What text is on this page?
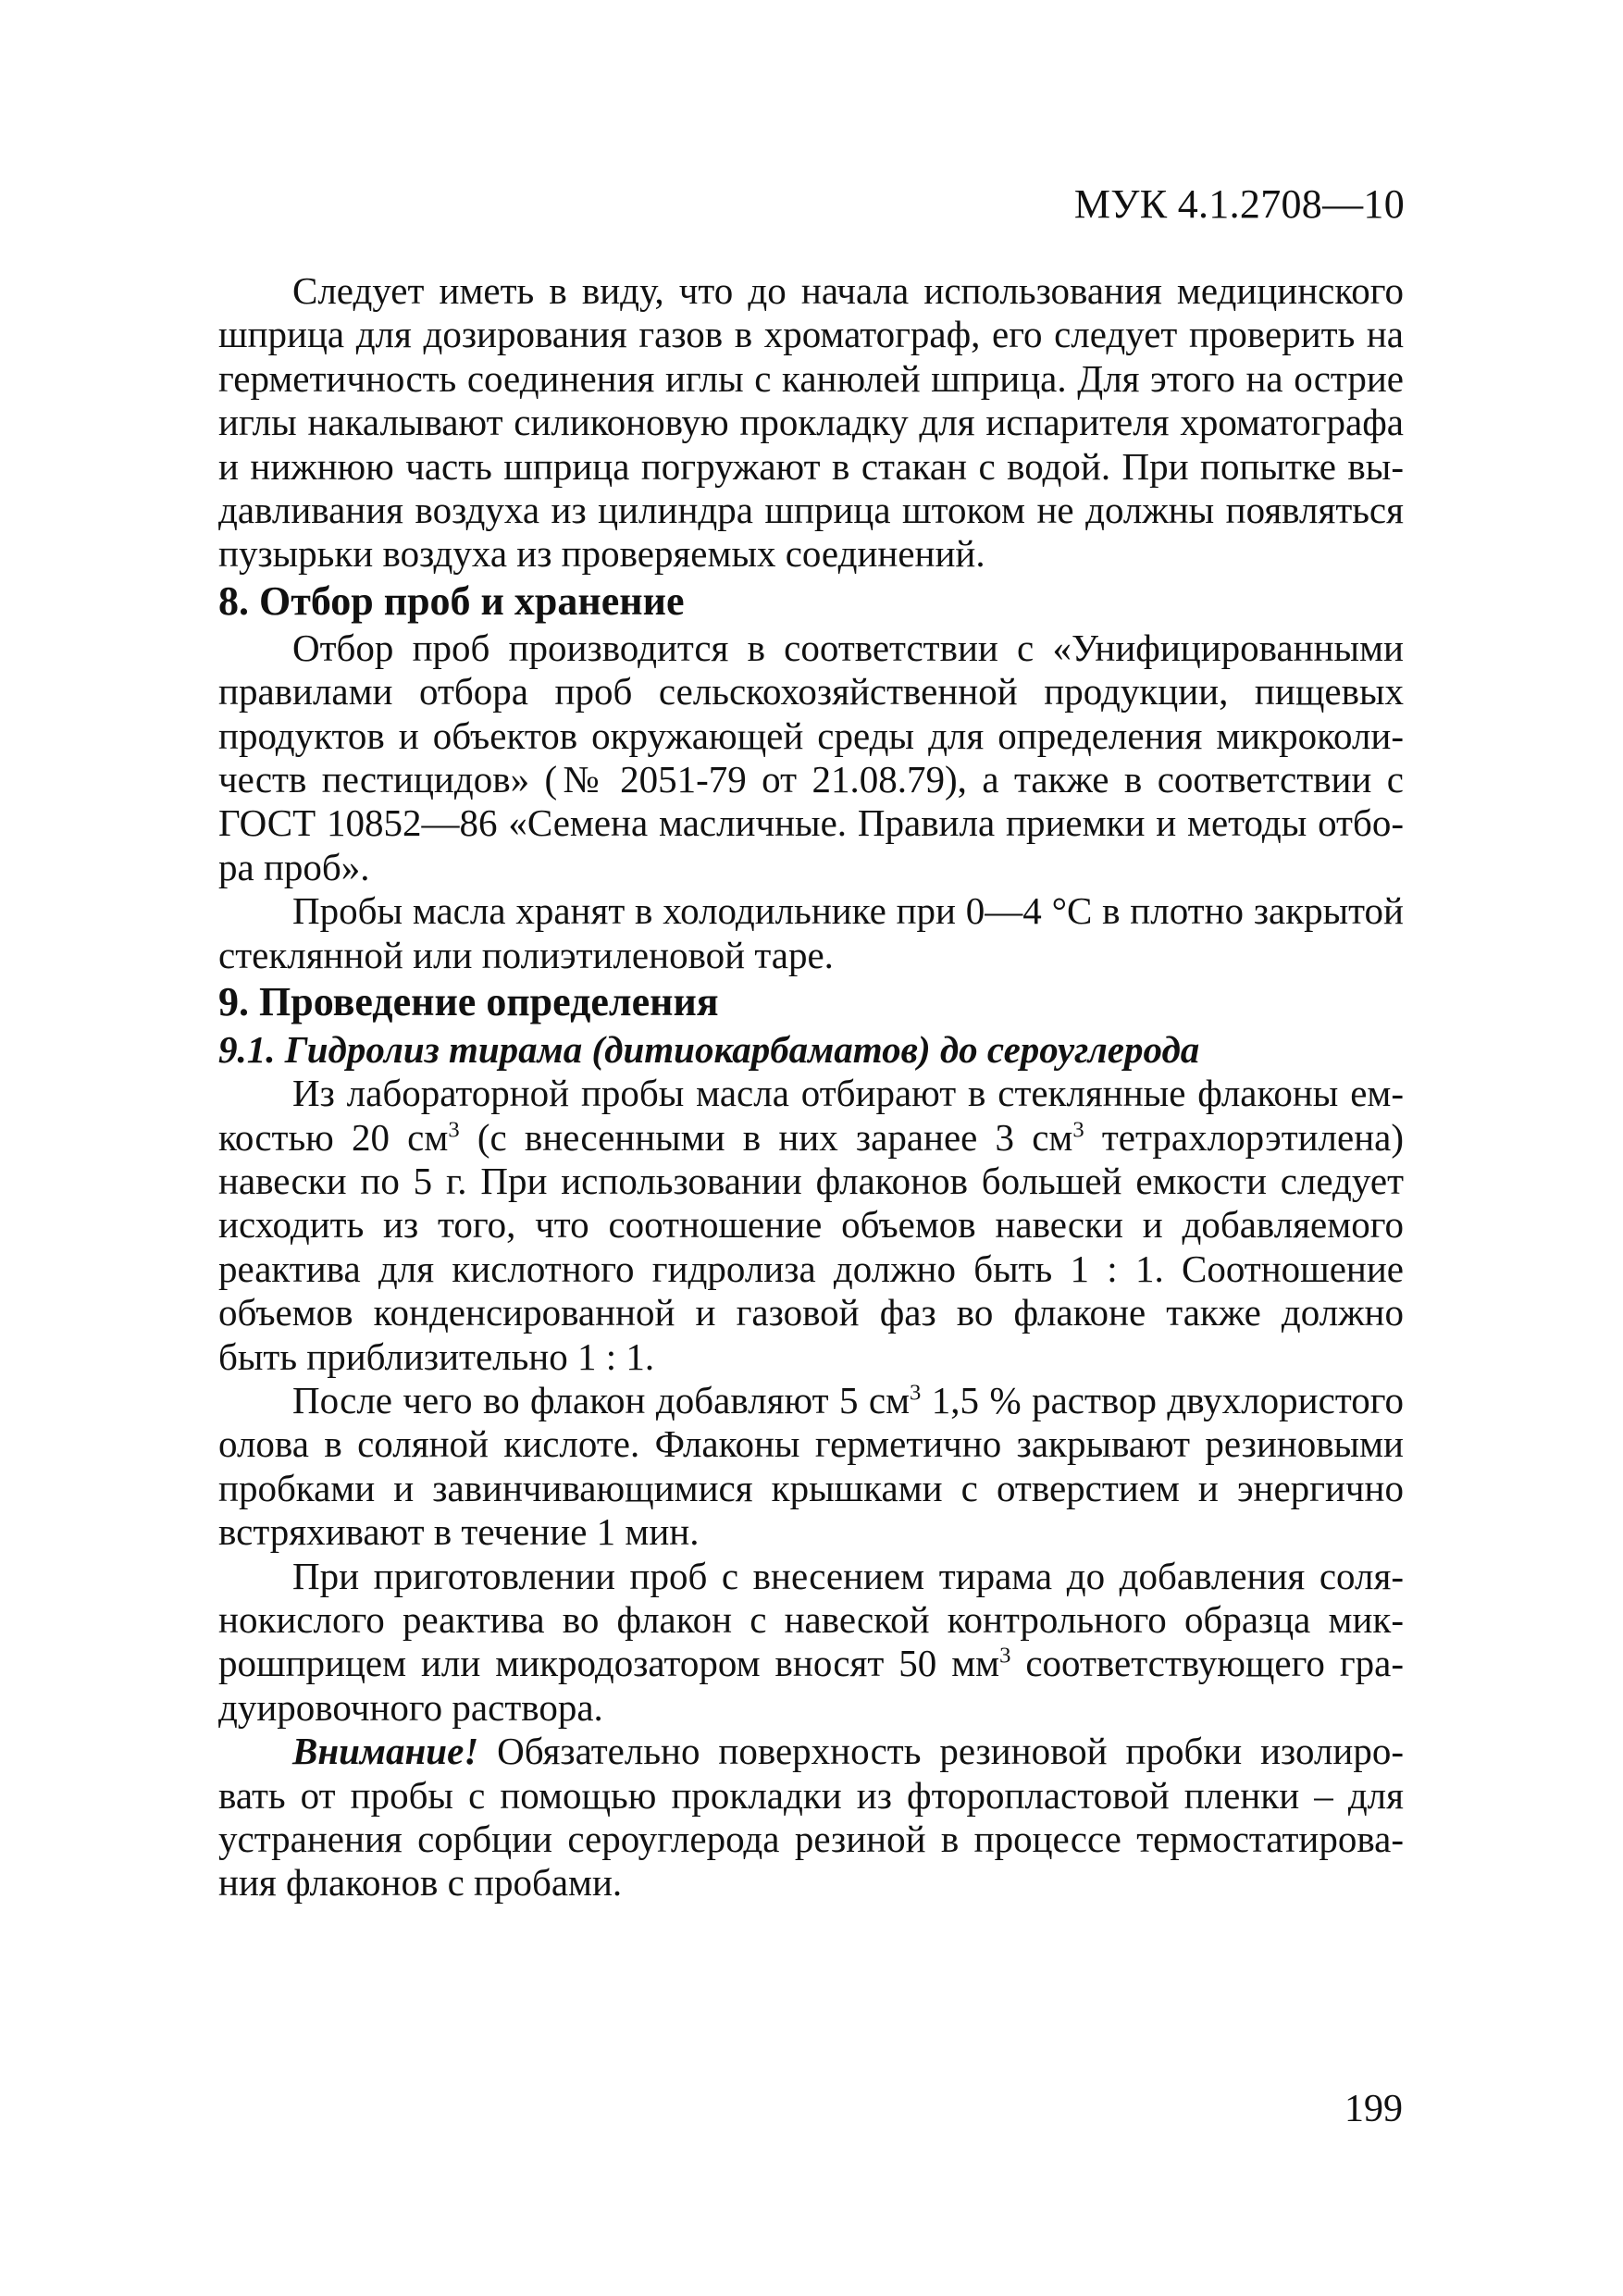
МУК 4.1.2708—10

Следует иметь в виду, что до начала использования медицинского шприца для дозирования газов в хроматограф, его следует проверить на герметичность соединения иглы с канюлей шприца. Для этого на острие иглы накалывают силиконовую прокладку для испарителя хроматографа и нижнюю часть шприца погружают в стакан с водой. При попытке выдавливания воздуха из цилиндра шприца штоком не должны появляться пузырьки воздуха из проверяемых соединений.

8. Отбор проб и хранение

Отбор проб производится в соответствии с «Унифицированными правилами отбора проб сельскохозяйственной продукции, пищевых продуктов и объектов окружающей среды для определения микроколичеств пестицидов» (№ 2051-79 от 21.08.79), а также в соответствии с ГОСТ 10852—86 «Семена масличные. Правила приемки и методы отбора проб».

Пробы масла хранят в холодильнике при 0—4 °С в плотно закрытой стеклянной или полиэтиленовой таре.

9. Проведение определения

9.1. Гидролиз тирама (дитиокарбаматов) до сероуглерода

Из лабораторной пробы масла отбирают в стеклянные флаконы емкостью 20 $см^3$ (с внесенными в них заранее 3 $см^3$ тетрахлорэтилена) навески по 5 г. При использовании флаконов большей емкости следует исходить из того, что соотношение объемов навески и добавляемого реактива для кислотного гидролиза должно быть 1 : 1. Соотношение объемов конденсированной и газовой фаз во флаконе также должно быть приблизительно 1 : 1.

После чего во флакон добавляют 5 $см^3$ 1,5 % раствор двухлористого олова в соляной кислоте. Флаконы герметично закрывают резиновыми пробками и завинчивающимися крышками с отверстием и энергично встряхивают в течение 1 мин.

При приготовлении проб с внесением тирама до добавления солянокислого реактива во флакон с навеской контрольного образца микрошприцем или микродозатором вносят 50 $мм^3$ соответствующего градуировочного раствора.

Внимание! Обязательно поверхность резиновой пробки изолировать от пробы с помощью прокладки из фторопластовой пленки – для устранения сорбции сероуглерода резиной в процессе термостатирования флаконов с пробами.

199
